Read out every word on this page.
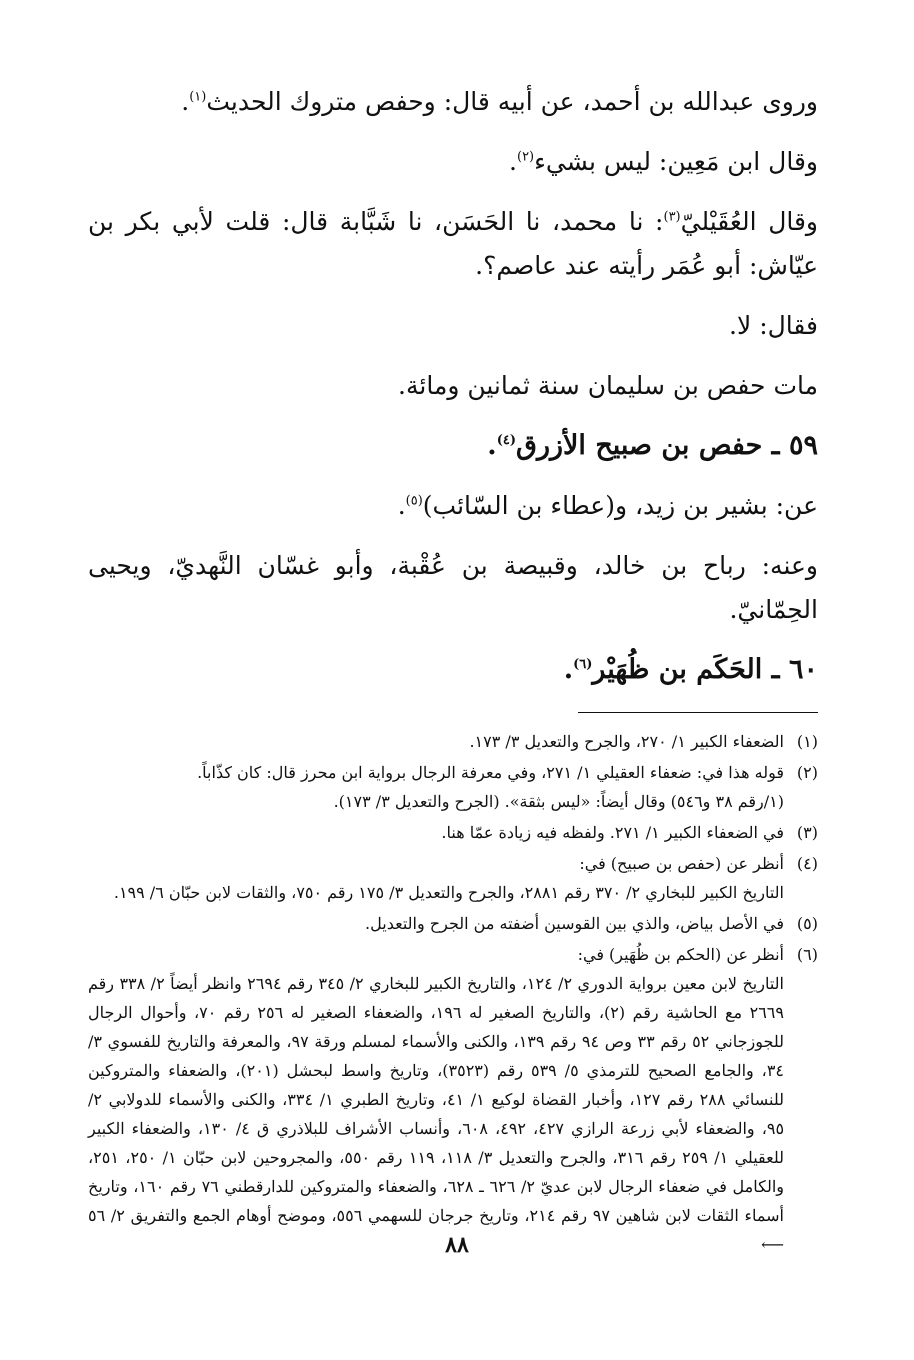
وروى عبدالله بن أحمد، عن أبيه قال: وحفص متروك الحديث$^{(١)}$.

وقال ابن مَعِين: ليس بشيء$^{(٢)}$.

وقال العُقَيْليّ$^{(٣)}$: نا محمد، نا الحَسَن، نا شَبَّابة قال: قلت لأبي بكر بن عيّاش: أبو عُمَر رأيته عند عاصم؟.

فقال: لا.

مات حفص بن سليمان سنة ثمانين ومائة.

٥٩ ـ حفص بن صبيح الأزرق$^{(٤)}$.

عن: بشير بن زيد، و(عطاء بن السّائب)$^{(٥)}$.

وعنه: رباح بن خالد، وقبيصة بن عُقْبة، وأبو غسّان النَّهديّ، ويحيى الحِمّانيّ.

٦٠ ـ الحَكَم بن ظُهَيْر$^{(٦)}$.

(١)
الضعفاء الكبير ١/ ٢٧٠، والجرح والتعديل ٣/ ١٧٣.
(٢)
قوله هذا في: ضعفاء العقيلي ١/ ٢٧١، وفي معرفة الرجال برواية ابن محرز قال: كان كذّاباً.
(١/رقم ٣٨ و٥٤٦) وقال أيضاً: «ليس بثقة». (الجرح والتعديل ٣/ ١٧٣).
(٣)
في الضعفاء الكبير ١/ ٢٧١. ولفظه فيه زيادة عمّا هنا.
(٤)
أنظر عن (حفص بن صبيح) في:
التاريخ الكبير للبخاري ٢/ ٣٧٠ رقم ٢٨٨١، والجرح والتعديل ٣/ ١٧٥ رقم ٧٥٠، والثقات لابن حبّان ٦/ ١٩٩.
(٥)
في الأصل بياض، والذي بين القوسين أضفته من الجرح والتعديل.
(٦)
أنظر عن (الحكم بن ظُهَير) في:
التاريخ لابن معين برواية الدوري ٢/ ١٢٤، والتاريخ الكبير للبخاري ٢/ ٣٤٥ رقم ٢٦٩٤ وانظر أيضاً ٢/ ٣٣٨ رقم ٢٦٦٩ مع الحاشية رقم (٢)، والتاريخ الصغير له ١٩٦، والضعفاء الصغير له ٢٥٦ رقم ٧٠، وأحوال الرجال للجوزجاني ٥٢ رقم ٣٣ وص ٩٤ رقم ١٣٩، والكنى والأسماء لمسلم ورقة ٩٧، والمعرفة والتاريخ للفسوي ٣/ ٣٤، والجامع الصحيح للترمذي ٥/ ٥٣٩ رقم (٣٥٢٣)، وتاريخ واسط لبحشل (٢٠١)، والضعفاء والمتروكين للنسائي ٢٨٨ رقم ١٢٧، وأخبار القضاة لوكيع ١/ ٤١، وتاريخ الطبري ١/ ٣٣٤، والكنى والأسماء للدولابي ٢/ ٩٥، والضعفاء لأبي زرعة الرازي ٤٢٧، ٤٩٢، ٦٠٨، وأنساب الأشراف للبلاذري ق ٤/ ١٣٠، والضعفاء الكبير للعقيلي ١/ ٢٥٩ رقم ٣١٦، والجرح والتعديل ٣/ ١١٨، ١١٩ رقم ٥٥٠، والمجروحين لابن حبّان ١/ ٢٥٠، ٢٥١، والكامل في ضعفاء الرجال لابن عديّ ٢/ ٦٢٦ ـ ٦٢٨، والضعفاء والمتروكين للدارقطني ٧٦ رقم ١٦٠، وتاريخ أسماء الثقات لابن شاهين ٩٧ رقم ٢١٤، وتاريخ جرجان للسهمي ٥٥٦، وموضح أوهام الجمع والتفريق ٢/ ٥٦ ⟵
٨٨
